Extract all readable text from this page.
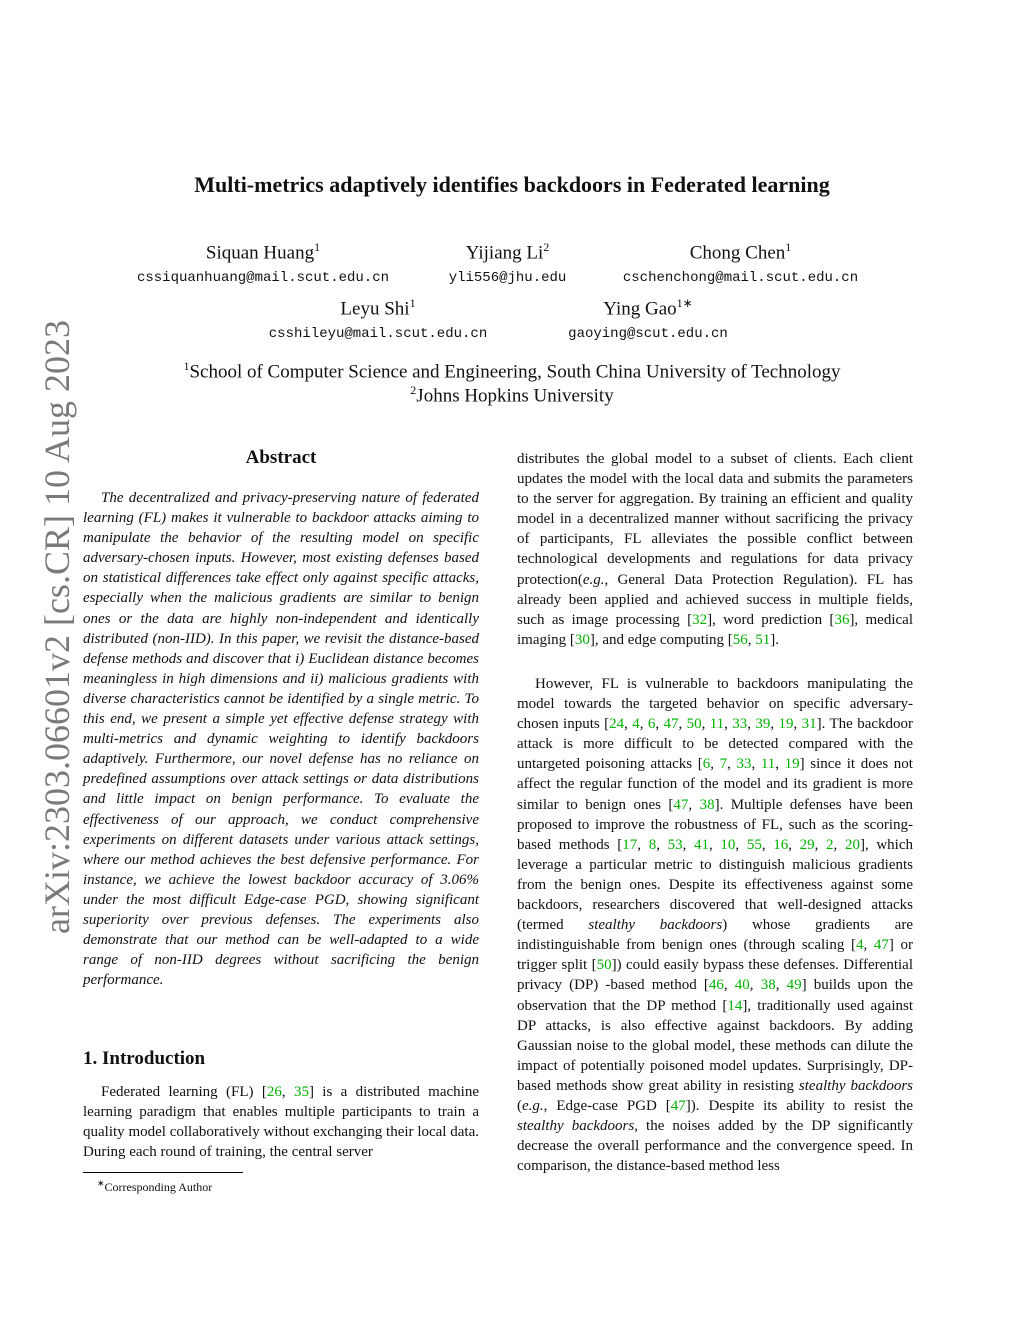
Multi-metrics adaptively identifies backdoors in Federated learning
Siquan Huang$^1$
cssiquanhuang@mail.scut.edu.cn
Yijiang Li$^2$
yli556@jhu.edu
Chong Chen$^1$
cschenchong@mail.scut.edu.cn
Leyu Shi$^1$
csshileyu@mail.scut.edu.cn
Ying Gao$^{1∗}$
gaoying@scut.edu.cn
$^1$School of Computer Science and Engineering, South China University of Technology
$^2$Johns Hopkins University
arXiv:2303.06601v2 [cs.CR] 10 Aug 2023	Abstract

The decentralized and privacy-preserving nature of federated learning (FL) makes it vulnerable to backdoor attacks aiming to manipulate the behavior of the resulting model on specific adversary-chosen inputs. However, most existing defenses based on statistical differences take effect only against specific attacks, especially when the malicious gradients are similar to benign ones or the data are highly non-independent and identically distributed (non-IID). In this paper, we revisit the distance-based defense methods and discover that i) Euclidean distance becomes meaningless in high dimensions and ii) malicious gradients with diverse characteristics cannot be identified by a single metric. To this end, we present a simple yet effective defense strategy with multi-metrics and dynamic weighting to identify backdoors adaptively. Furthermore, our novel defense has no reliance on predefined assumptions over attack settings or data distributions and little impact on benign performance. To evaluate the effectiveness of our approach, we conduct comprehensive experiments on different datasets under various attack settings, where our method achieves the best defensive performance. For instance, we achieve the lowest backdoor accuracy of 3.06% under the most difficult Edge-case PGD, showing significant superiority over previous defenses. The experiments also demonstrate that our method can be well-adapted to a wide range of non-IID degrees without sacrificing the benign performance.

1. Introduction

Federated learning (FL) [26, 35] is a distributed machine learning paradigm that enables multiple participants to train a quality model collaboratively without exchanging their local data. During each round of training, the central server

∗Corresponding Author

distributes the global model to a subset of clients. Each client updates the model with the local data and submits the parameters to the server for aggregation. By training an efficient and quality model in a decentralized manner without sacrificing the privacy of participants, FL alleviates the possible conflict between technological developments and regulations for data privacy protection(e.g., General Data Protection Regulation). FL has already been applied and achieved success in multiple fields, such as image processing [32], word prediction [36], medical imaging [30], and edge computing [56, 51].

However, FL is vulnerable to backdoors manipulating the model towards the targeted behavior on specific adversary-chosen inputs [24, 4, 6, 47, 50, 11, 33, 39, 19, 31]. The backdoor attack is more difficult to be detected compared with the untargeted poisoning attacks [6, 7, 33, 11, 19] since it does not affect the regular function of the model and its gradient is more similar to benign ones [47, 38]. Multiple defenses have been proposed to improve the robustness of FL, such as the scoring-based methods [17, 8, 53, 41, 10, 55, 16, 29, 2, 20], which leverage a particular metric to distinguish malicious gradients from the benign ones. Despite its effectiveness against some backdoors, researchers discovered that well-designed attacks (termed stealthy backdoors) whose gradients are indistinguishable from benign ones (through scaling [4, 47] or trigger split [50]) could easily bypass these defenses. Differential privacy (DP) -based method [46, 40, 38, 49] builds upon the observation that the DP method [14], traditionally used against DP attacks, is also effective against backdoors. By adding Gaussian noise to the global model, these methods can dilute the impact of potentially poisoned model updates. Surprisingly, DP-based methods show great ability in resisting stealthy backdoors (e.g., Edge-case PGD [47]). Despite its ability to resist the stealthy backdoors, the noises added by the DP significantly decrease the overall performance and the convergence speed. In comparison, the distance-based method less
